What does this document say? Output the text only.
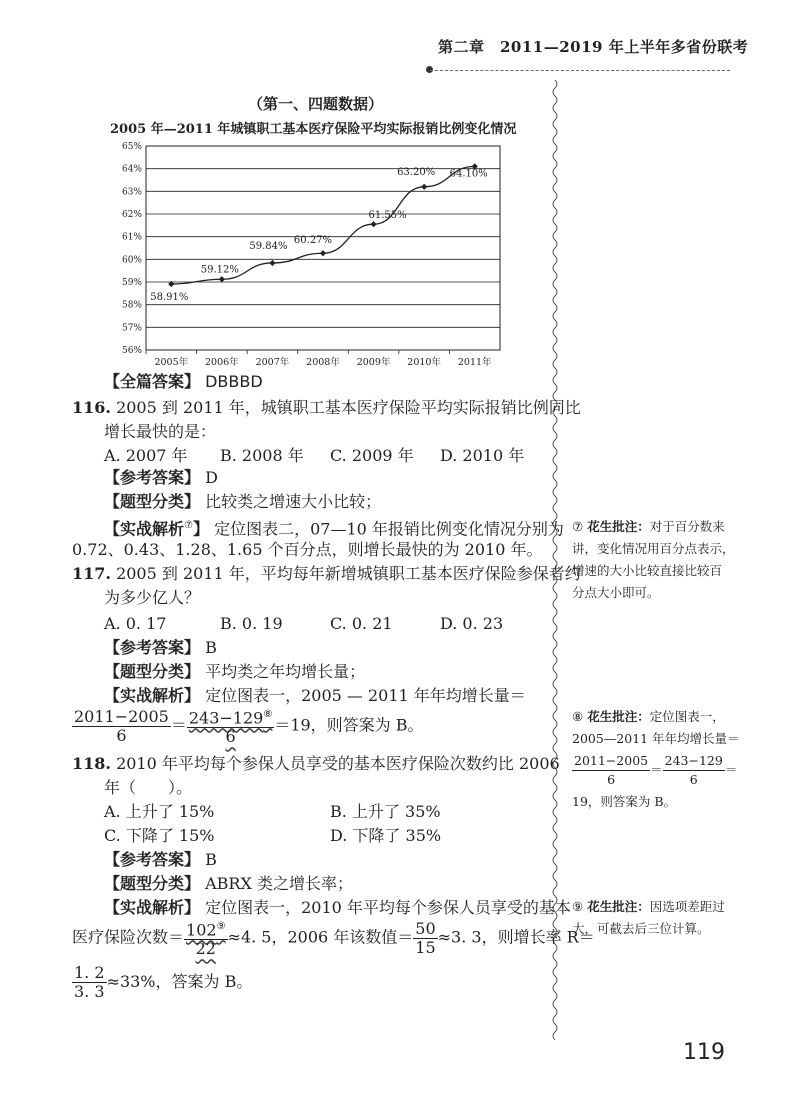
第二章　2011—2019 年上半年多省份联考
（第一、四题数据）
2005 年—2011 年城镇职工基本医疗保险平均实际报销比例变化情况
56%
57%
58%
59%
60%
61%
62%
63%
64%
65%
2005年 2006年 2007年 2008年 2009年 2010年 2011年
58.91%
59.12%
59.84%
60.27%
61.55%
63.20% 64.10%
【全篇答案】 DBBBD
116. 2005 到 2011 年，城镇职工基本医疗保险平均实际报销比例同比
增长最快的是：
A. 2007 年 B. 2008 年 C. 2009 年 D. 2010 年
【参考答案】 D
【题型分类】 比较类之增速大小比较；
【实战解析⑦】 定位图表二，07—10 年报销比例变化情况分别为
0.72、0.43、1.28、1.65 个百分点，则增长最快的为 2010 年。
117. 2005 到 2011 年，平均每年新增城镇职工基本医疗保险参保者约
为多少亿人？
A. 0. 17	B. 0. 19	C. 0. 21	D. 0. 23
【参考答案】 B
【题型分类】 平均类之年均增长量；
【实战解析】 定位图表一，2005 — 2011 年年均增长量＝
$\frac{2011-2005}{6} = \frac{243-129^⑧}{6} =19$，则答案为 B。
118. 2010 年平均每个参保人员享受的基本医疗保险次数约比 2006
年（　　）。
A. 上升了 15%	B. 上升了 35%
C. 下降了 15%	D. 下降了 35%
【参考答案】 B
【题型分类】 ABRX 类之增长率；
【实战解析】 定位图表一，2010 年平均每个参保人员享受的基本
医疗保险次数＝ $\frac{102^⑨}{22} \approx 4$. 5，2006 年该数值＝ $\frac{50}{15} \approx 3$. 3，则增长率 R＝
$\frac{1. 2}{3. 3} \approx 33\%$，答案为 B。
⑦ 花生批注：对于百分数来
讲，变化情况用百分点表示，
增速的大小比较直接比较百
分点大小即可。
⑧ 花生批注：定位图表一，
2005—2011 年年均增长量＝
$\frac{2011-2005}{6} = \frac{243-129}{6}$ ＝
19，则答案为 B。
⑨ 花生批注：因选项差距过
大，可截去后三位计算。
119
